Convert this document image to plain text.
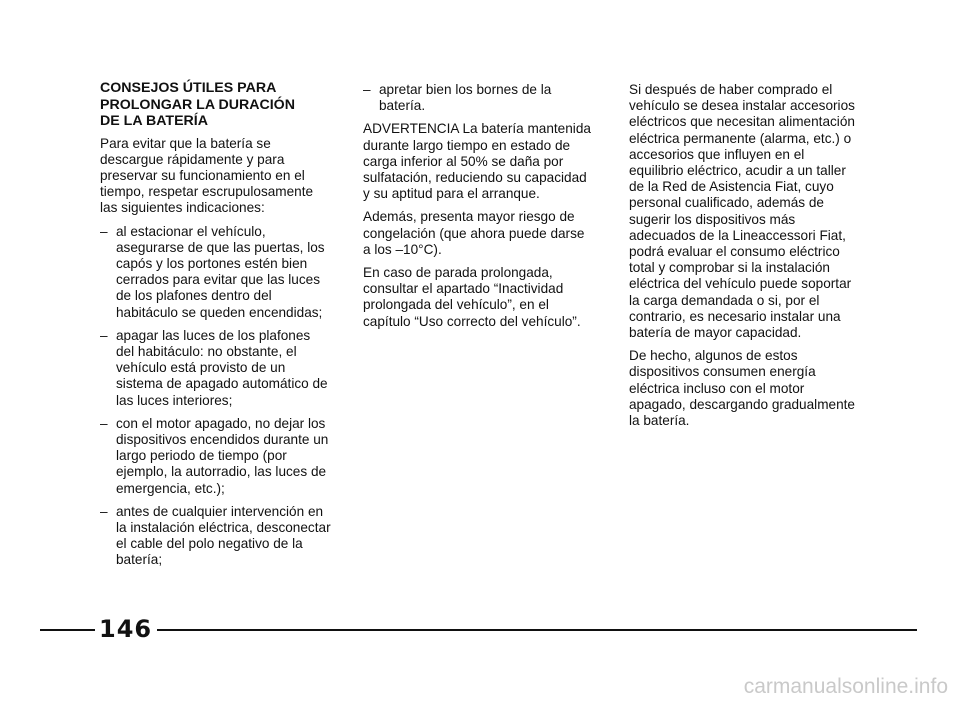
CONSEJOS ÚTILES PARA
PROLONGAR LA DURACIÓN
DE LA BATERÍA

Para evitar que la batería se descargue rápidamente y para preservar su funcionamiento en el tiempo, respetar escrupulosamente las siguientes indicaciones:

– al estacionar el vehículo, asegurarse de que las puertas, los capós y los portones estén bien cerrados para evitar que las luces de los plafones dentro del habitáculo se queden encendidas;
– apagar las luces de los plafones del habitáculo: no obstante, el vehículo está provisto de un sistema de apagado automático de las luces interiores;
– con el motor apagado, no dejar los dispositivos encendidos durante un largo periodo de tiempo (por ejemplo, la autorradio, las luces de emergencia, etc.);
– antes de cualquier intervención en la instalación eléctrica, desconectar el cable del polo negativo de la batería;
– apretar bien los bornes de la batería.

ADVERTENCIA La batería mantenida durante largo tiempo en estado de carga inferior al 50% se daña por sulfatación, reduciendo su capacidad y su aptitud para el arranque.

Además, presenta mayor riesgo de congelación (que ahora puede darse a los –10°C).

En caso de parada prolongada, consultar el apartado “Inactividad prolongada del vehículo”, en el capítulo “Uso correcto del vehículo”.

Si después de haber comprado el vehículo se desea instalar accesorios eléctricos que necesitan alimentación eléctrica permanente (alarma, etc.) o accesorios que influyen en el equilibrio eléctrico, acudir a un taller de la Red de Asistencia Fiat, cuyo personal cualificado, además de sugerir los dispositivos más adecuados de la Lineaccessori Fiat, podrá evaluar el consumo eléctrico total y comprobar si la instalación eléctrica del vehículo puede soportar la carga demandada o si, por el contrario, es necesario instalar una batería de mayor capacidad.

De hecho, algunos de estos dispositivos consumen energía eléctrica incluso con el motor apagado, descargando gradualmente la batería.

146
carmanualsonline.info
